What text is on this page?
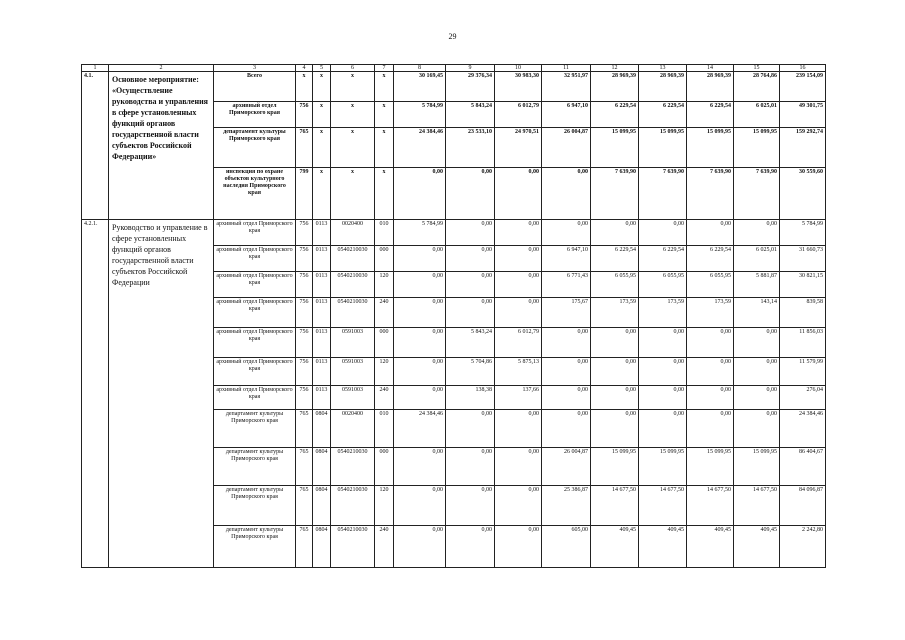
29
1	2	3	4	5	6	7	8	9	10	11	12	13	14	15	16
4.1.	Основное мероприятие: «Осуществление руководства и управления в сфере установленных функций органов государственной власти субъектов Российской Федерации»	Всего	х	х	х	х	30 169,45	29 376,34	30 983,30	32 951,97	28 969,39	28 969,39	28 969,39	28 764,86	239 154,09
		архивный отдел Приморского края	756	х	х	х	5 784,99	5 843,24	6 012,79	6 947,10	6 229,54	6 229,54	6 229,54	6 025,01	49 301,75
		департамент культуры Приморского края	765	х	х	х	24 384,46	23 533,10	24 970,51	26 004,87	15 099,95	15 099,95	15 099,95	15 099,95	159 292,74
		инспекция по охране объектов культурного наследия Приморского края	799	х	х	х	0,00	0,00	0,00	0,00	7 639,90	7 639,90	7 639,90	7 639,90	30 559,60
4.2.1.	Руководство и управление в сфере установленных функций органов государственной власти субъектов Российской Федерации	архивный отдел Приморского края	756	0113	0020400	010	5 784,99	0,00	0,00	0,00	0,00	0,00	0,00	0,00	5 784,99
		архивный отдел Приморского края	756	0113	0540210030	000	0,00	0,00	0,00	6 947,10	6 229,54	6 229,54	6 229,54	6 025,01	31 660,73
		архивный отдел Приморского края	756	0113	0540210030	120	0,00	0,00	0,00	6 771,43	6 055,95	6 055,95	6 055,95	5 881,87	30 821,15
		архивный отдел Приморского края	756	0113	0540210030	240	0,00	0,00	0,00	175,67	173,59	173,59	173,59	143,14	839,58
		архивный отдел Приморского края	756	0113	0591003	000	0,00	5 843,24	6 012,79	0,00	0,00	0,00	0,00	0,00	11 856,03
		архивный отдел Приморского края	756	0113	0591003	120	0,00	5 704,86	5 875,13	0,00	0,00	0,00	0,00	0,00	11 579,99
		архивный отдел Приморского края	756	0113	0591003	240	0,00	138,38	137,66	0,00	0,00	0,00	0,00	0,00	276,04
		департамент культуры Приморского края	765	0804	0020400	010	24 384,46	0,00	0,00	0,00	0,00	0,00	0,00	0,00	24 384,46
		департамент культуры Приморского края	765	0804	0540210030	000	0,00	0,00	0,00	26 004,87	15 099,95	15 099,95	15 099,95	15 099,95	86 404,67
		департамент культуры Приморского края	765	0804	0540210030	120	0,00	0,00	0,00	25 386,87	14 677,50	14 677,50	14 677,50	14 677,50	84 096,87
		департамент культуры Приморского края	765	0804	0540210030	240	0,00	0,00	0,00	605,00	409,45	409,45	409,45	409,45	2 242,80
